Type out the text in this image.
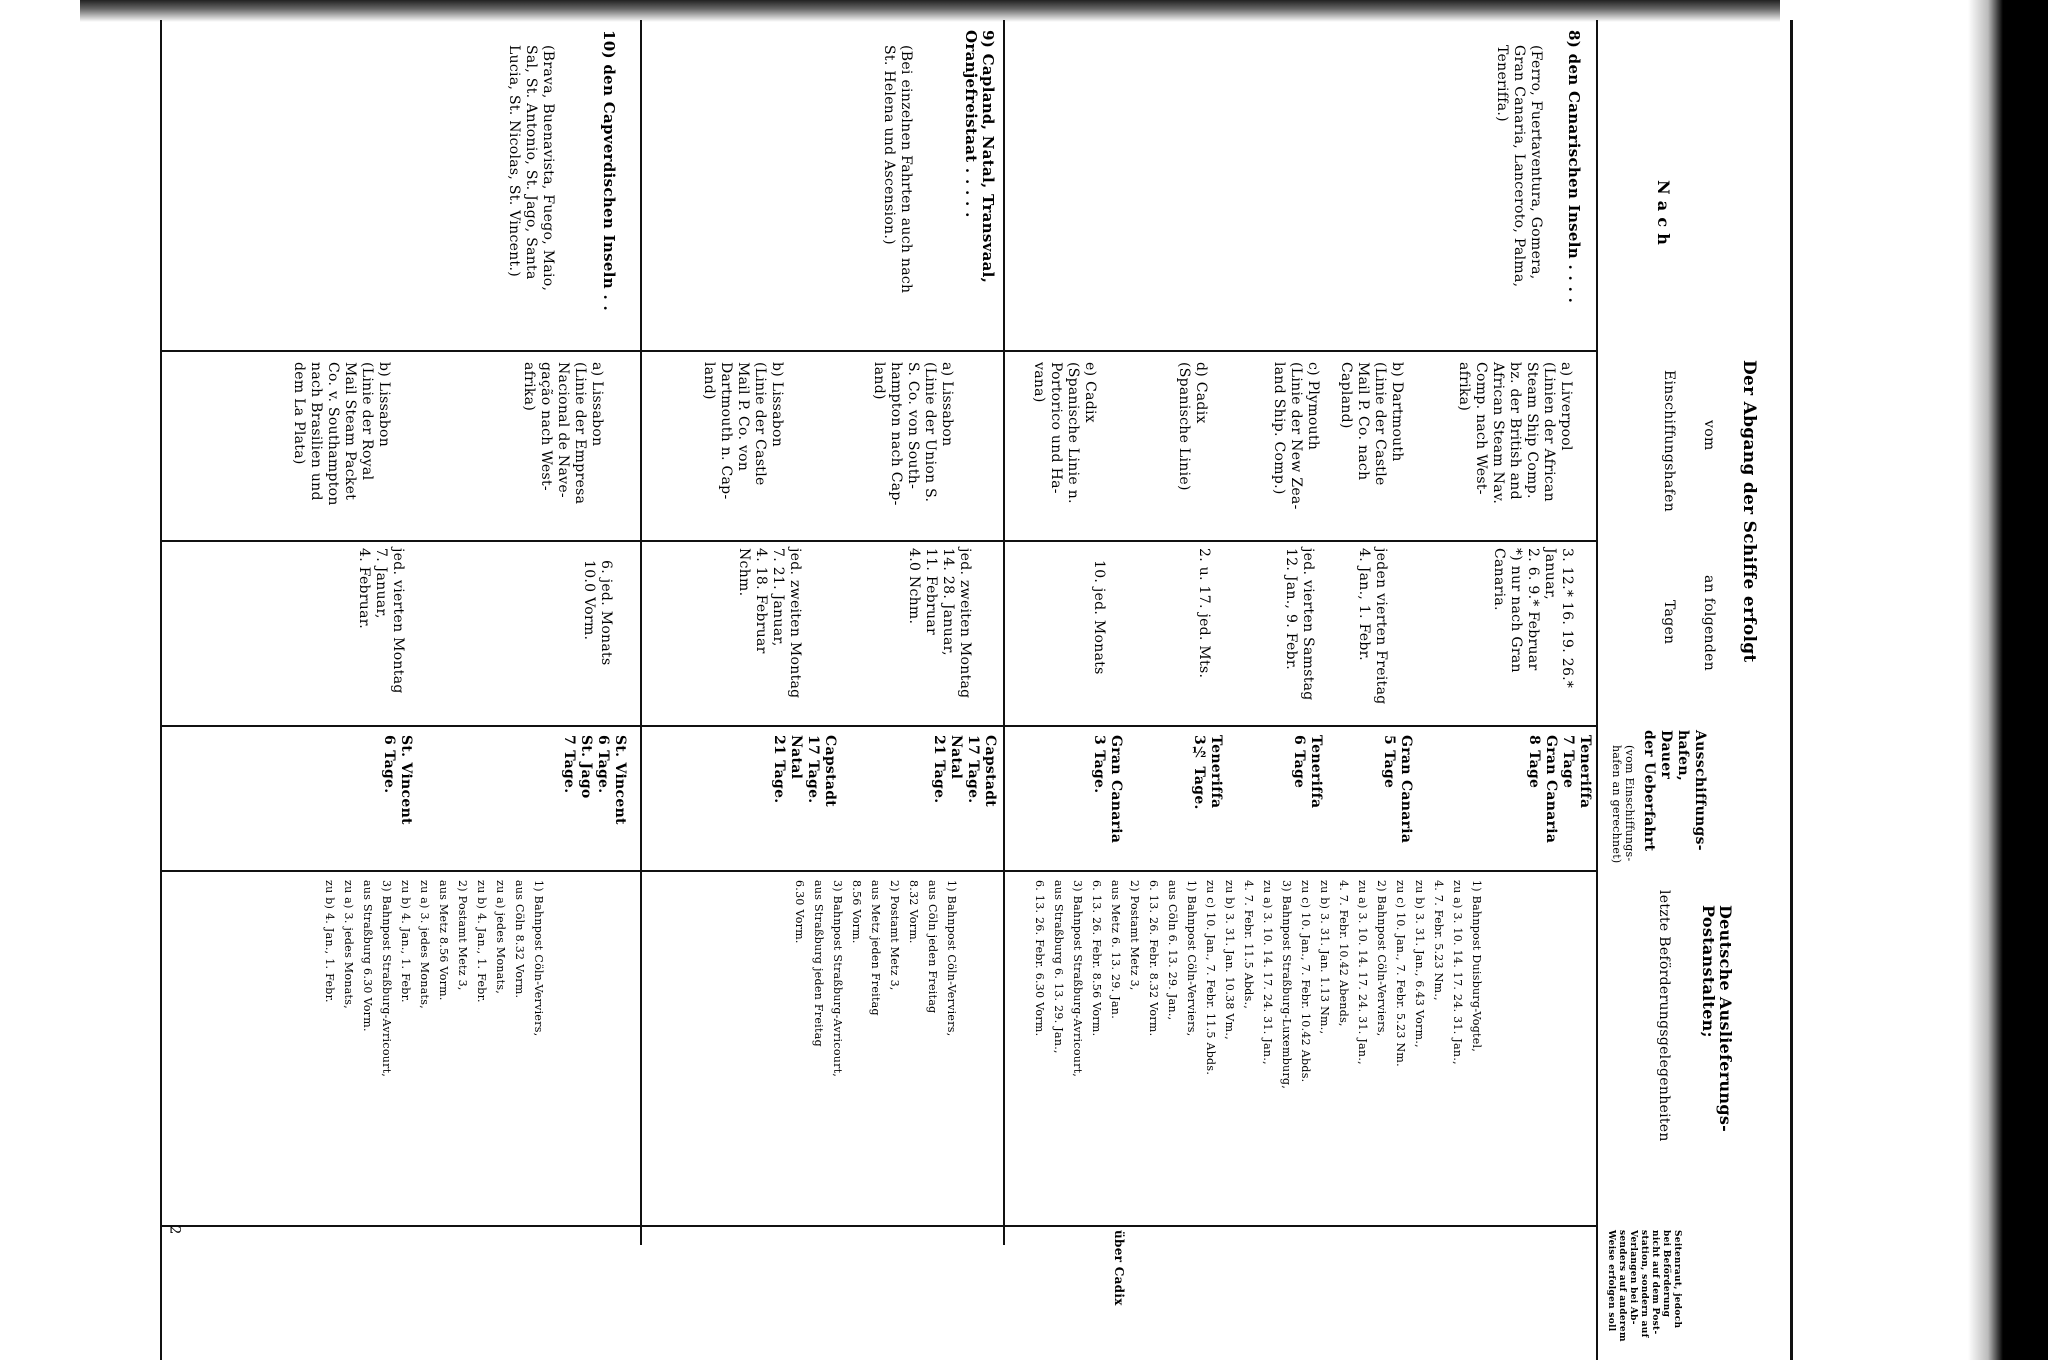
N a c h
Der Abgang der Schiffe erfolgt
vom
Einschiffungshafen
an folgenden
Tagen
Ausschiffungs-
hafen,
Dauer
der Ueberfahrt
(vom Einschiffungs-
hafen an gerechnet)
Deutsche Auslieferungs-
Postanstalten;
letzte Beförderungsgelegenheiten
Seitenraut, jedoch
bei Beförderung
nicht auf dem Post-
station, sondern auf
Verlangen bei Ab-
senders auf anderem
Weise erfolgen soll
8) den Canarischen Inseln . . . .
(Ferro, Fuertaventura, Gomera,
Gran Canaria, Lanceroto, Palma,
Teneriffa.)
a) Liverpool
(Linien der African
Steam Ship Comp.
bz. der British and
African Steam Nav.
Comp. nach West-
afrika)
3. 12.* 16. 19. 26.*
Januar,
2. 6. 9.* Februar
*) nur nach Gran
Canaria.
Teneriffa
7 Tage
Gran Canaria
8 Tage
b) Dartmouth
(Linie der Castle
Mail P. Co. nach
Capland)
jeden vierten Freitag
4. Jan., 1. Febr.
Gran Canaria
5 Tage
c) Plymouth
(Linie der New Zea-
land Ship. Comp.)
jed. vierten Samstag
12. Jan., 9. Febr.
Teneriffa
6 Tage
d) Cadix
(Spanische Linie)
2. u. 17. jed. Mts.
Teneriffa
3½ Tage.
e) Cadix
(Spanische Linie n.
Portorico und Ha-
vana)
10. jed. Monats
Gran Canaria
3 Tage.
1) Bahnpost Duisburg-Vogtel,
zu a) 3. 10. 14. 17. 24. 31. Jan.,
4. 7. Febr. 5.23 Nm.,
zu b) 3. 31. Jan., 6.43 Vorm.,
zu c) 10. Jan., 7. Febr. 5.23 Nm.
2) Bahnpost Cöln-Verviers,
zu a) 3. 10. 14. 17. 24. 31. Jan.,
4. 7. Febr. 10.42 Abends,
zu b) 3. 31. Jan. 1.13 Nm.,
zu c) 10. Jan., 7. Febr. 10.42 Abds.
3) Bahnpost Straßburg-Luxemburg,
zu a) 3. 10. 14. 17. 24. 31. Jan.,
4. 7. Febr. 11.5 Abds.,
zu b) 3. 31. Jan. 10.38 Vm.,
zu c) 10. Jan., 7. Febr. 11.5 Abds.
1) Bahnpost Cöln-Verviers,
aus Cöln 6. 13. 29. Jan.,
6. 13. 26. Febr. 8.32 Vorm.
2) Postamt Metz 3,
aus Metz 6. 13. 29. Jan.
6. 13. 26. Febr. 8.56 Vorm.
3) Bahnpost Straßburg-Avricourt,
aus Straßburg 6. 13. 29. Jan.,
6. 13. 26. Febr. 6.30 Vorm.
über Cadix
9) Capland, Natal, Transvaal,
Oranjefreistaat . . . . .
(Bei einzelnen Fahrten auch nach
St. Helena und Ascension.)
a) Lissabon
(Linie der Union S.
S. Co. von South-
hampton nach Cap-
land)
jed. zweiten Montag
14. 28. Januar,
11. Februar
4.0 Nchm.
Capstadt
17 Tage.
Natal
21 Tage.
b) Lissabon
(Linie der Castle
Mail P. Co. von
Dartmouth n. Cap-
land)
jed. zweiten Montag
7. 21. Januar,
4. 18. Februar
Nchm.
Capstadt
17 Tage.
Natal
21 Tage.
1) Bahnpost Cöln-Verviers,
aus Cöln jeden Freitag
8.32 Vorm.
2) Postamt Metz 3,
aus Metz jeden Freitag
8.56 Vorm.
3) Bahnpost Straßburg-Avricourt,
aus Straßburg jeden Freitag
6.30 Vorm.
10) den Capverdischen Inseln . .
(Brava, Buenavista, Fuego, Maio,
Sal, St. Antonio, St. Jago, Santa
Lucia, St. Nicolas, St. Vincent.)
a) Lissabon
(Linie der Empresa
Nacional de Nave-
gação nach West-
afrika)
6. jed. Monats
10.0 Vorm.
St. Vincent
6 Tage.
St. Jago
7 Tage.
b) Lissabon
(Linie der Royal
Mail Steam Packet
Co. v. Southampton
nach Brasilien und
dem La Plata)
jed. vierten Montag
7. Januar,
4. Februar.
St. Vincent
6 Tage.
1) Bahnpost Cöln-Verviers,
aus Cöln 8.32 Vorm.
zu a) jedes Monats,
zu b) 4. Jan., 1. Febr.
2) Postamt Metz 3,
aus Metz 8.56 Vorm.
zu a) 3. jedes Monats,
zu b) 4. Jan., 1. Febr.
3) Bahnpost Straßburg-Avricourt,
aus Straßburg 6.30 Vorm.
zu a) 3. jedes Monats,
zu b) 4. Jan., 1. Febr.
2
